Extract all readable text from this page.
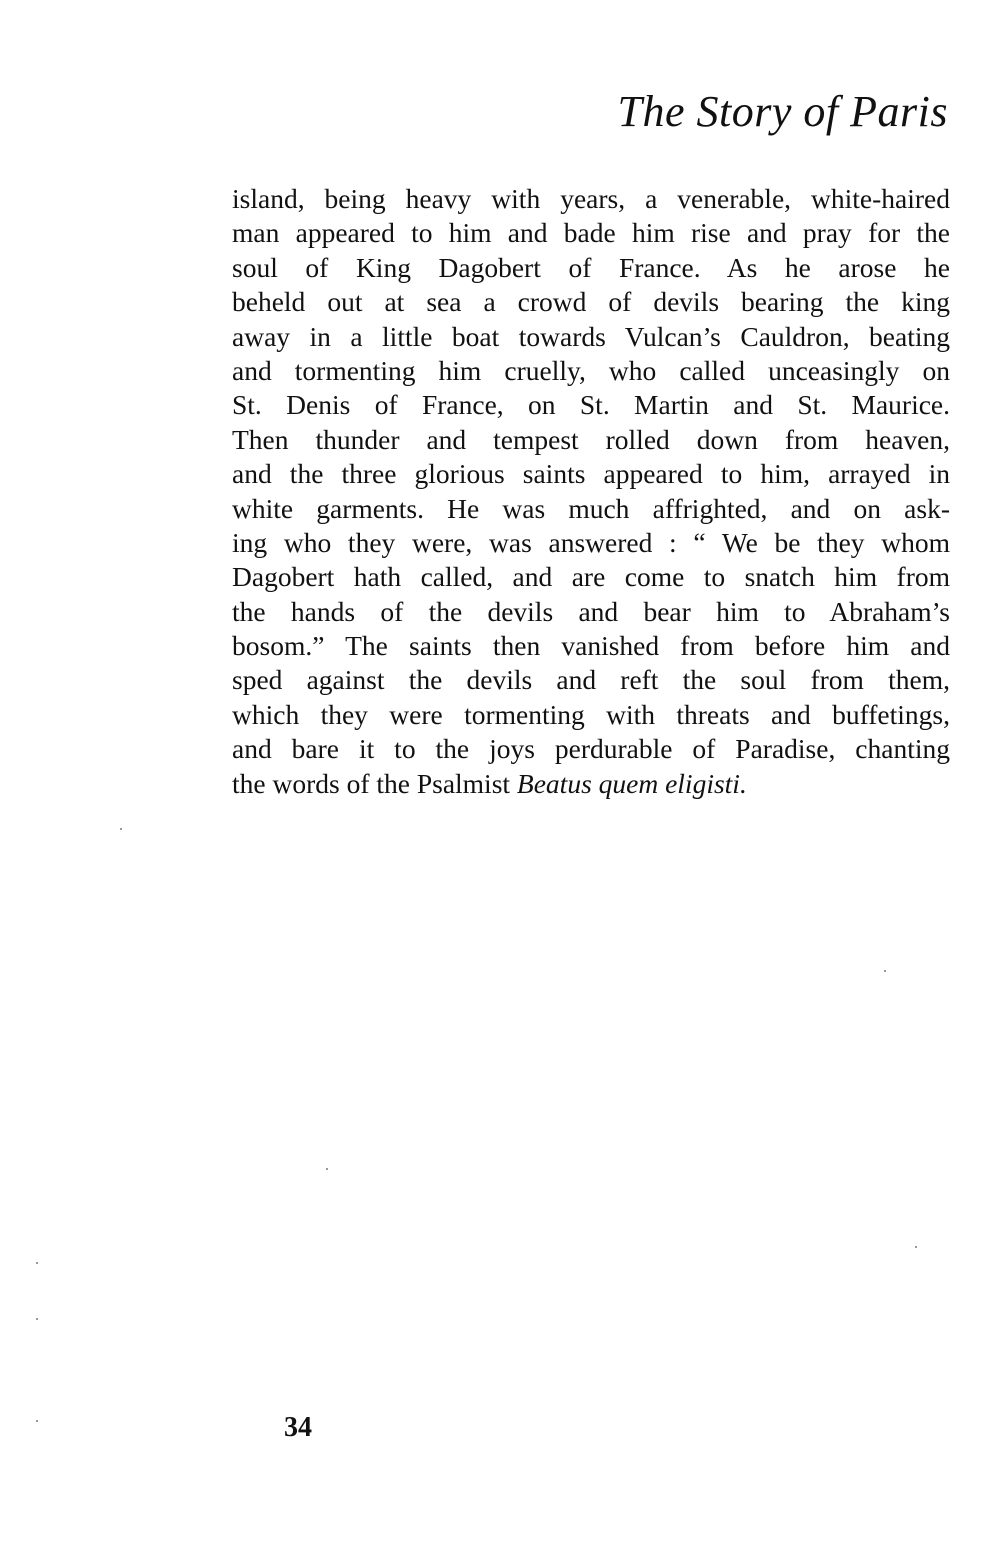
The Story of Paris
island, being heavy with years, a venerable, white-haired
man appeared to him and bade him rise and pray for the
soul of King Dagobert of France. As he arose he
beheld out at sea a crowd of devils bearing the king
away in a little boat towards Vulcan’s Cauldron, beating
and tormenting him cruelly, who called unceasingly on
St. Denis of France, on St. Martin and St. Maurice.
Then thunder and tempest rolled down from heaven,
and the three glorious saints appeared to him, arrayed in
white garments. He was much affrighted, and on ask-
ing who they were, was answered : “ We be they whom
Dagobert hath called, and are come to snatch him from
the hands of the devils and bear him to Abraham’s
bosom.” The saints then vanished from before him and
sped against the devils and reft the soul from them,
which they were tormenting with threats and buffetings,
and bare it to the joys perdurable of Paradise, chanting
the words of the Psalmist Beatus quem eligisti.
34
